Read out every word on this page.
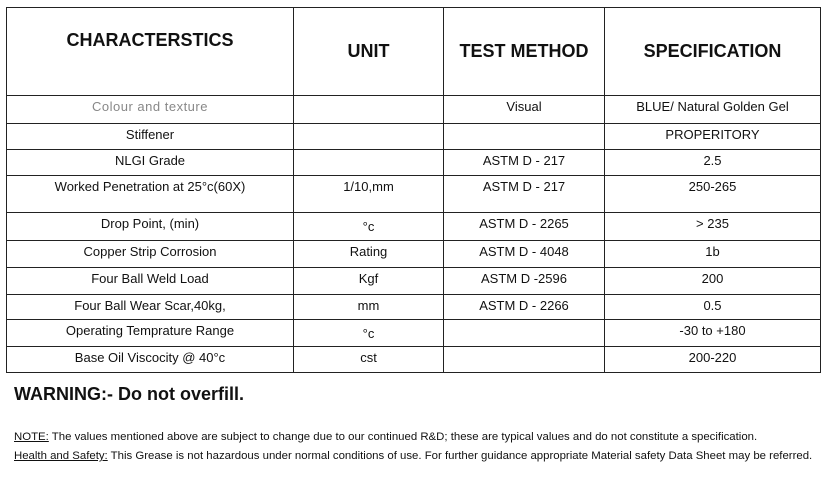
CHARACTERSTICS	UNIT	TEST METHOD	SPECIFICATION
Colour and texture		Visual	BLUE/ Natural Golden Gel
Stiffener			PROPERITORY
NLGI Grade		ASTM D - 217	2.5
Worked Penetration at 25°c(60X)	1/10,mm	ASTM D - 217	250-265
Drop Point, (min)	°c	ASTM D - 2265	> 235
Copper Strip Corrosion	Rating	ASTM D - 4048	1b
Four Ball Weld Load	Kgf	ASTM D -2596	200
Four Ball Wear Scar,40kg,	mm	ASTM D - 2266	0.5
Operating Temprature Range	°c		-30 to +180
Base Oil Viscocity @ 40°c	cst		200-220
WARNING:- Do not overfill.
NOTE: The values mentioned above are subject to change due to our continued R&D; these are typical values and do not constitute a specification.
Health and Safety: This Grease is not hazardous under normal conditions of use. For further guidance appropriate Material safety Data Sheet may be referred.
